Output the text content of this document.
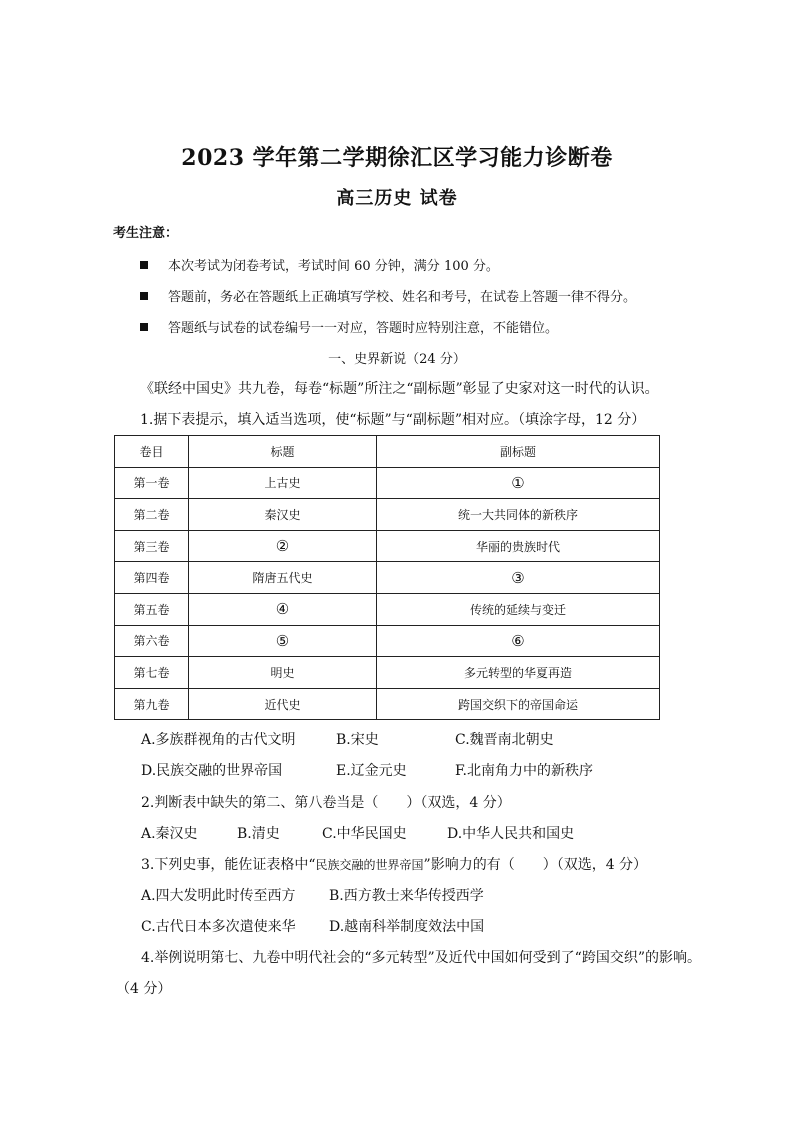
2023 学年第二学期徐汇区学习能力诊断卷
高三历史 试卷
考生注意：
本次考试为闭卷考试，考试时间 60 分钟，满分 100 分。
答题前，务必在答题纸上正确填写学校、姓名和考号，在试卷上答题一律不得分。
答题纸与试卷的试卷编号一一对应，答题时应特别注意，不能错位。
一、史界新说（24 分）
《联经中国史》共九卷，每卷“标题”所注之“副标题”彰显了史家对这一时代的认识。
1.据下表提示，填入适当选项，使“标题”与“副标题”相对应。（填涂字母，12 分）
卷目	标题	副标题
第一卷	上古史	①
第二卷	秦汉史	统一大共同体的新秩序
第三卷	②	华丽的贵族时代
第四卷	隋唐五代史	③
第五卷	④	传统的延续与变迁
第六卷	⑤	⑥
第七卷	明史	多元转型的华夏再造
第九卷	近代史	跨国交织下的帝国命运
A.多族群视角的古代文明	B.宋史	C.魏晋南北朝史
D.民族交融的世界帝国	E.辽金元史	F.北南角力中的新秩序
2.判断表中缺失的第二、第八卷当是（　　）（双选，4 分）
A.秦汉史	B.清史	C.中华民国史	D.中华人民共和国史
3.下列史事，能佐证表格中“民族交融的世界帝国”影响力的有（　　）（双选，4 分）
A.四大发明此时传至西方 B.西方教士来华传授西学
C.古代日本多次遣使来华 D.越南科举制度效法中国
4.举例说明第七、九卷中明代社会的“多元转型”及近代中国如何受到了“跨国交织”的影响。
（4 分）
